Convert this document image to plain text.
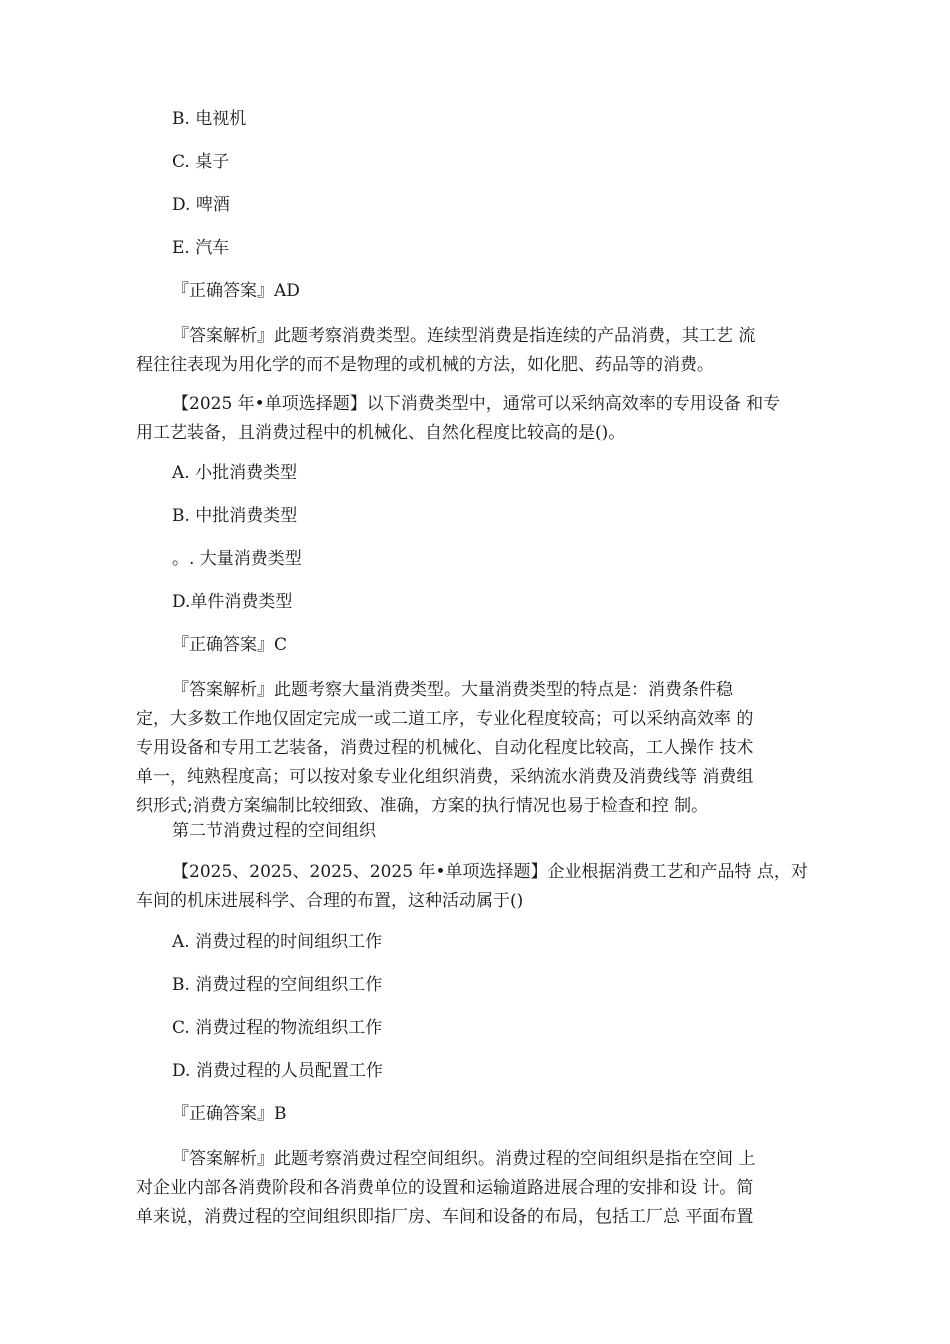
B. 电视机
C. 桌子
D. 啤酒
E. 汽车
『正确答案』AD
『答案解析』此题考察消费类型。连续型消费是指连续的产品消费，其工艺 流
程往往表现为用化学的而不是物理的或机械的方法，如化肥、药品等的消费。
【2025 年•单项选择题】以下消费类型中，通常可以采纳高效率的专用设备 和专
用工艺装备，且消费过程中的机械化、自然化程度比较高的是()。
A. 小批消费类型
B. 中批消费类型
。. 大量消费类型
D.单件消费类型
『正确答案』C
『答案解析』此题考察大量消费类型。大量消费类型的特点是：消费条件稳
定，大多数工作地仅固定完成一或二道工序，专业化程度较高；可以采纳高效率 的
专用设备和专用工艺装备，消费过程的机械化、自动化程度比较高，工人操作 技术
单一，纯熟程度高；可以按对象专业化组织消费，采纳流水消费及消费线等 消费组
织形式;消费方案编制比较细致、准确，方案的执行情况也易于检查和控 制。
第二节消费过程的空间组织
【2025、2025、2025、2025 年•单项选择题】企业根据消费工艺和产品特 点，对
车间的机床进展科学、合理的布置，这种活动属于()
A. 消费过程的时间组织工作
B. 消费过程的空间组织工作
C. 消费过程的物流组织工作
D. 消费过程的人员配置工作
『正确答案』B
『答案解析』此题考察消费过程空间组织。消费过程的空间组织是指在空间 上
对企业内部各消费阶段和各消费单位的设置和运输道路进展合理的安排和设 计。简
单来说，消费过程的空间组织即指厂房、车间和设备的布局，包括工厂总 平面布置
